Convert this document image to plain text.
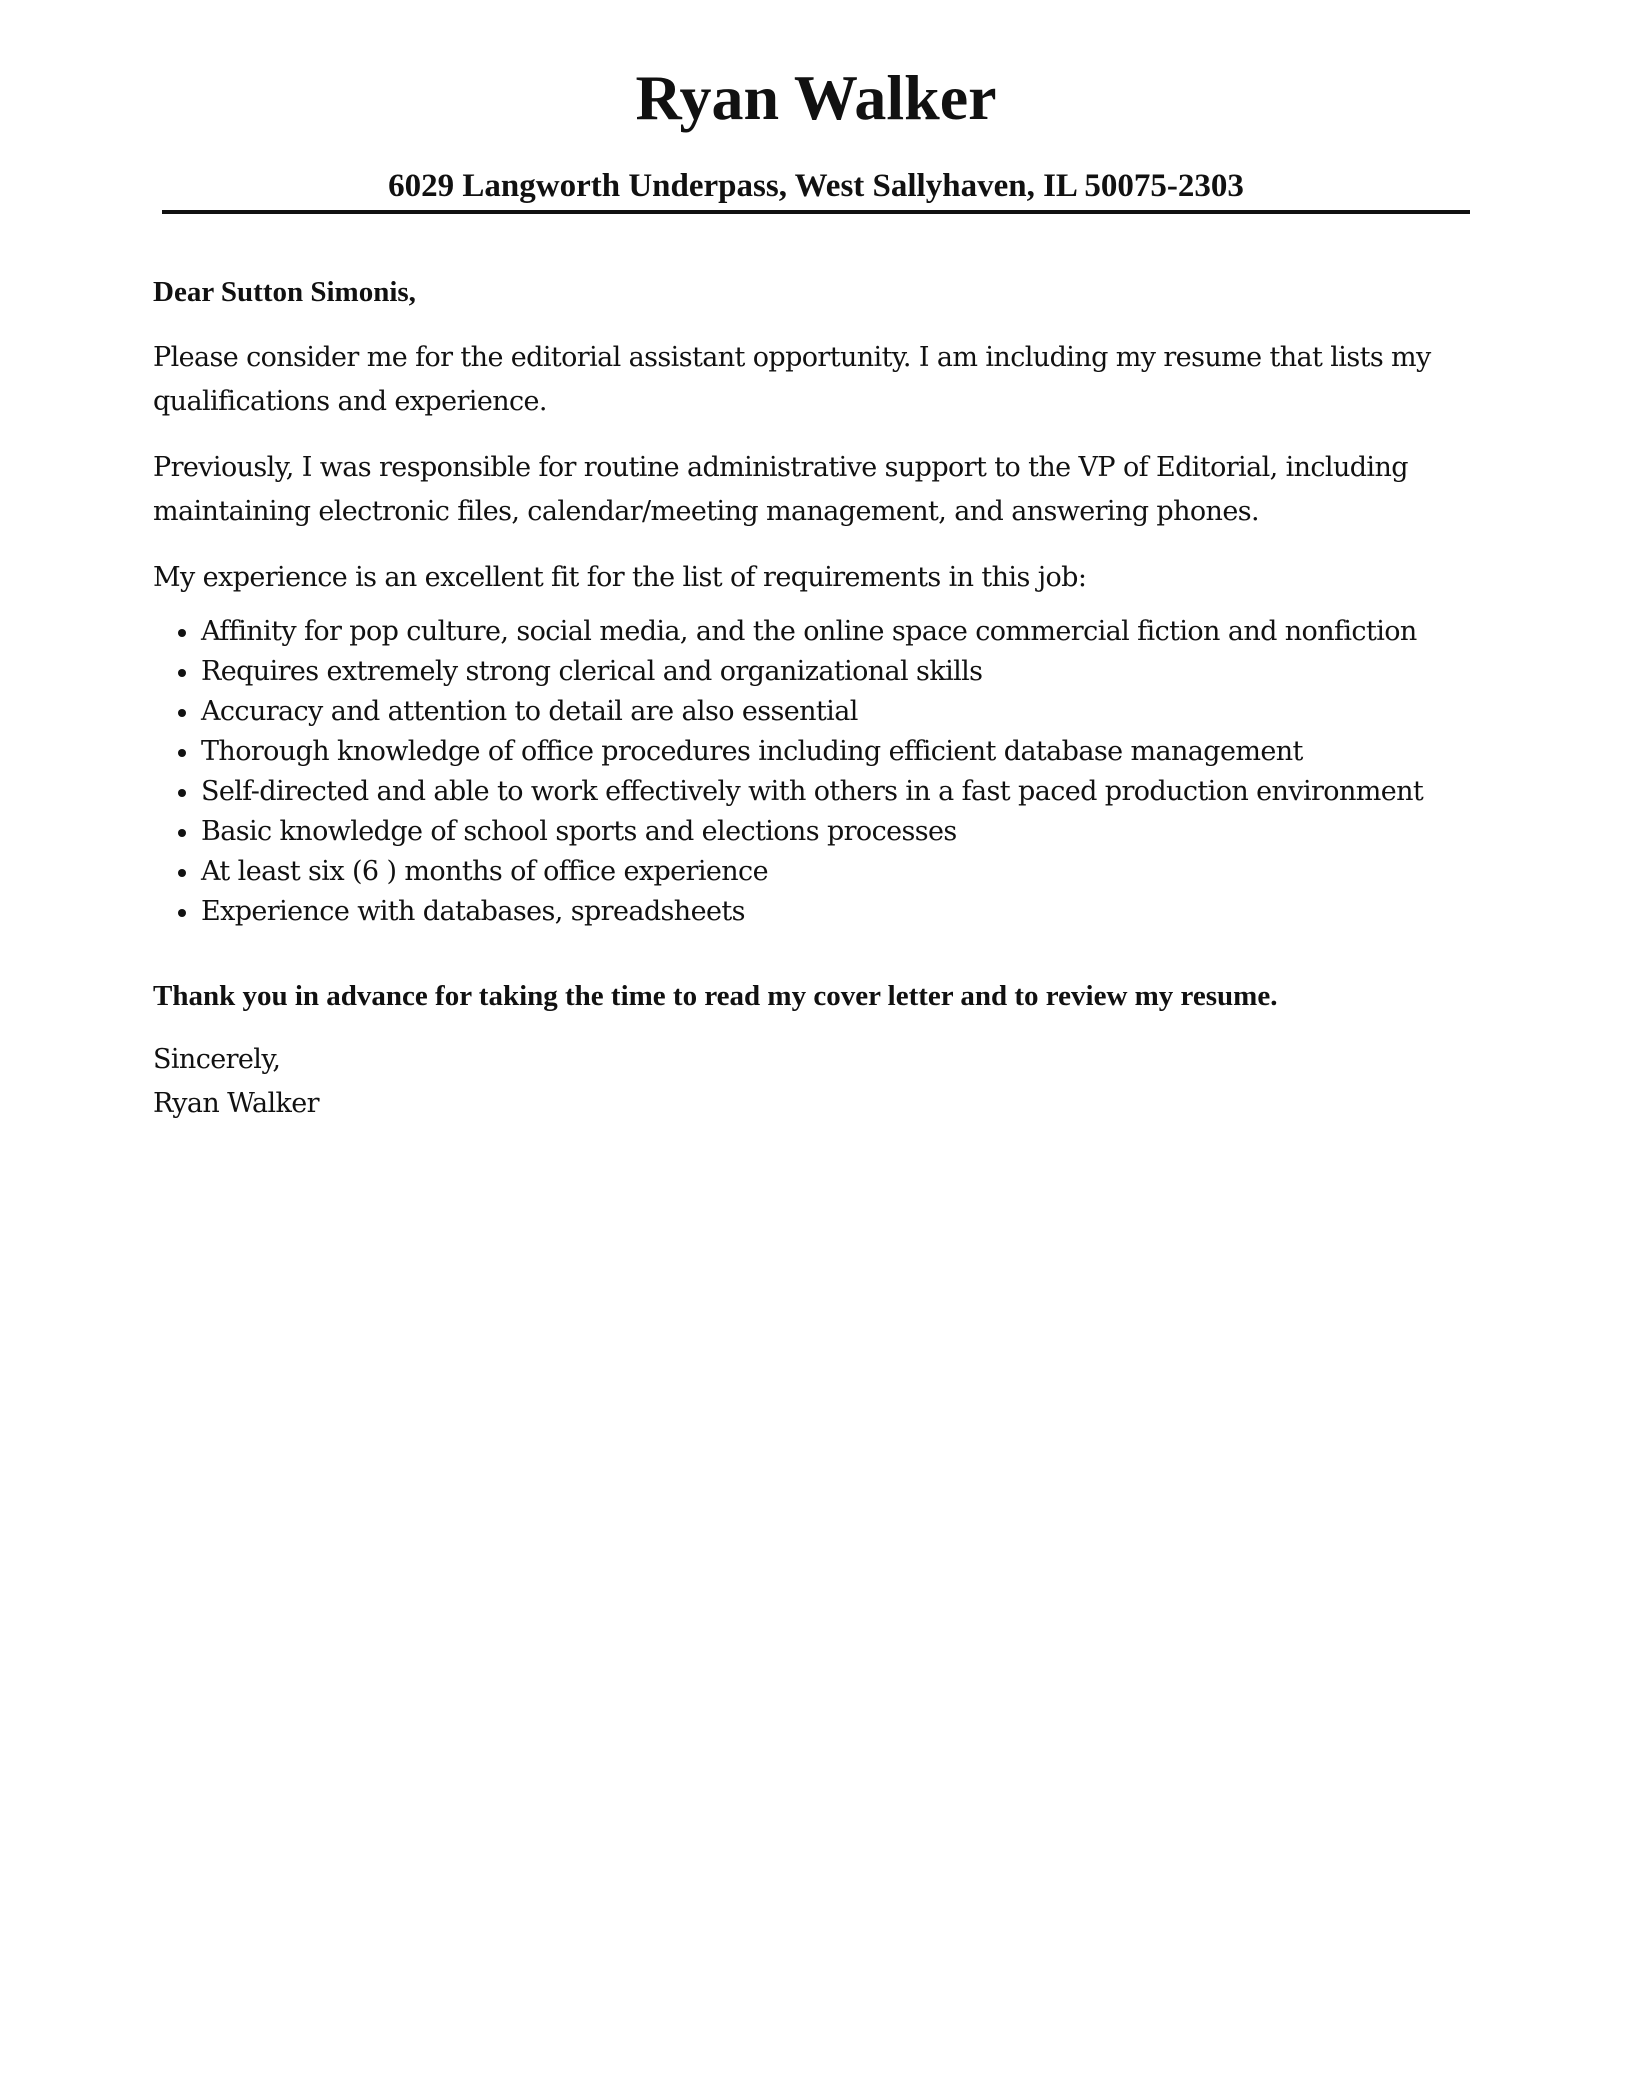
Ryan Walker

6029 Langworth Underpass, West Sallyhaven, IL 50075-2303

Dear Sutton Simonis,

Please consider me for the editorial assistant opportunity. I am including my resume that lists my qualifications and experience.

Previously, I was responsible for routine administrative support to the VP of Editorial, including maintaining electronic files, calendar/meeting management, and answering phones.

My experience is an excellent fit for the list of requirements in this job:

Affinity for pop culture, social media, and the online space commercial fiction and nonfiction
Requires extremely strong clerical and organizational skills
Accuracy and attention to detail are also essential
Thorough knowledge of office procedures including efficient database management
Self-directed and able to work effectively with others in a fast paced production environment
Basic knowledge of school sports and elections processes
At least six (6 ) months of office experience
Experience with databases, spreadsheets

Thank you in advance for taking the time to read my cover letter and to review my resume.

Sincerely,

Ryan Walker
